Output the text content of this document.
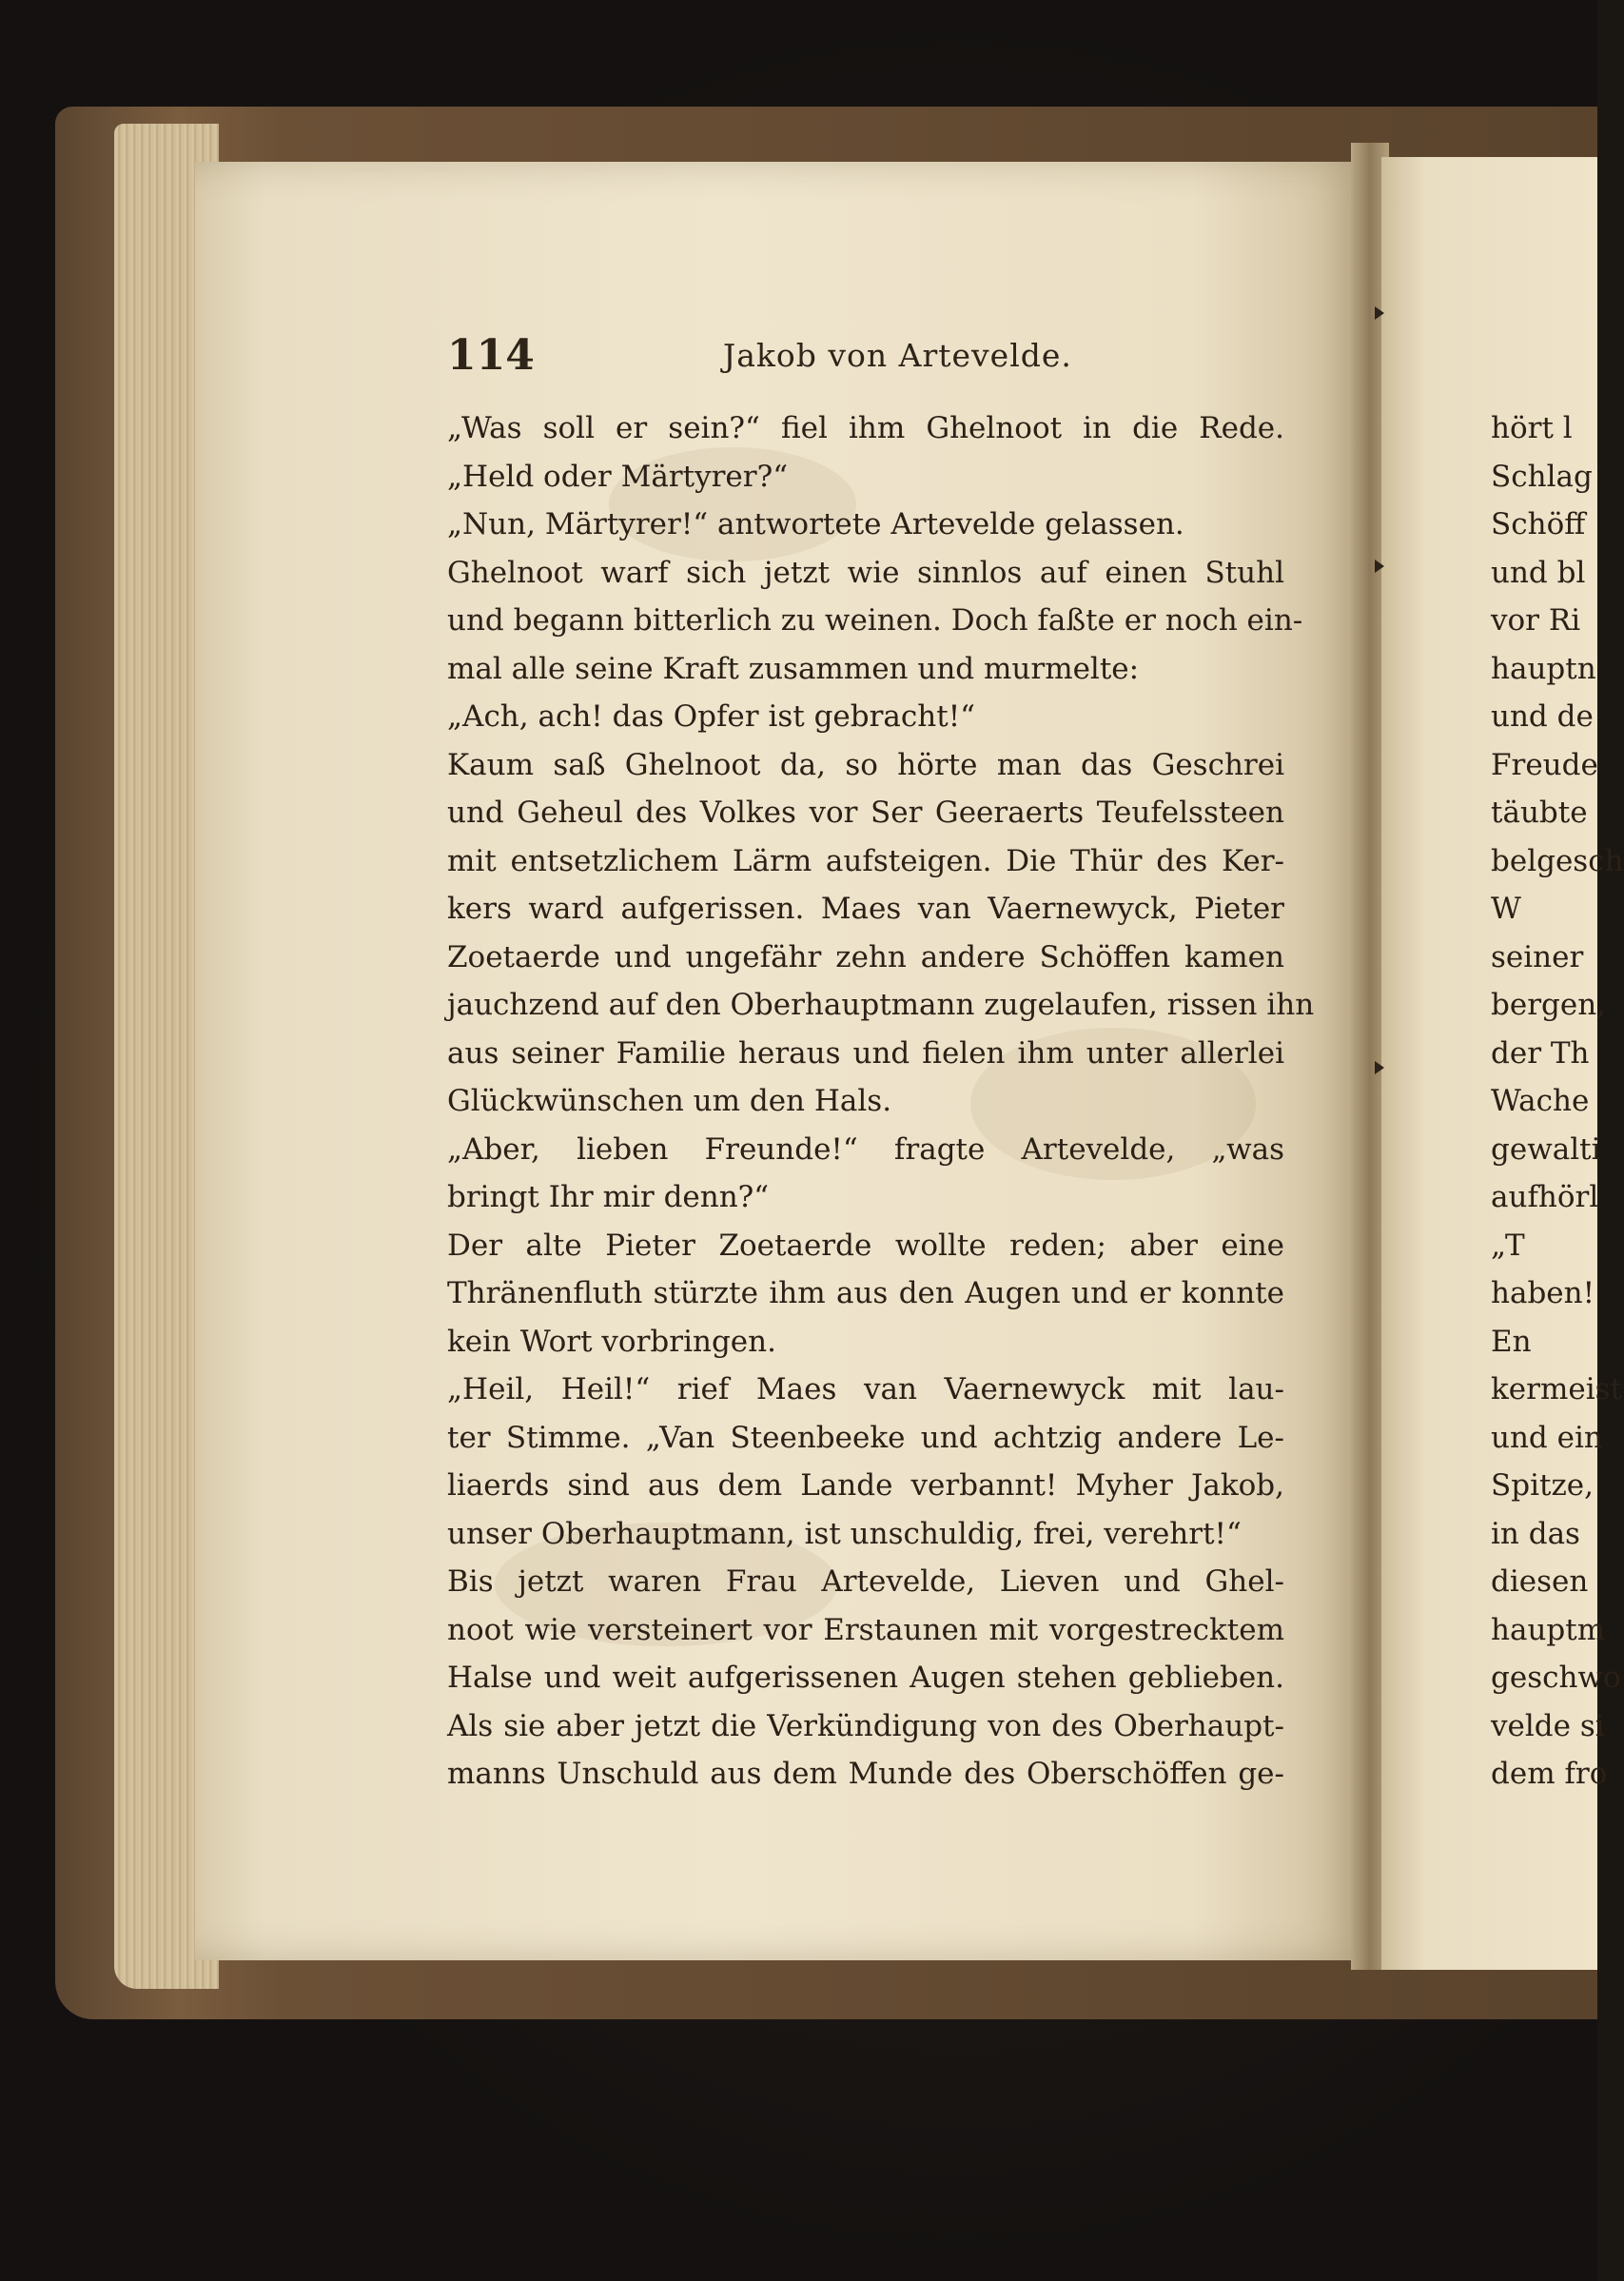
114	Jakob von Artevelde.
„Was soll er sein?“ fiel ihm Ghelnoot in die Rede.
„Held oder Märtyrer?“
„Nun, Märtyrer!“ antwortete Artevelde gelassen.
Ghelnoot warf sich jetzt wie sinnlos auf einen Stuhl
und begann bitterlich zu weinen. Doch faßte er noch ein-
mal alle seine Kraft zusammen und murmelte:
„Ach, ach! das Opfer ist gebracht!“
Kaum saß Ghelnoot da, so hörte man das Geschrei
und Geheul des Volkes vor Ser Geeraerts Teufelssteen
mit entsetzlichem Lärm aufsteigen. Die Thür des Ker-
kers ward aufgerissen. Maes van Vaernewyck, Pieter
Zoetaerde und ungefähr zehn andere Schöffen kamen
jauchzend auf den Oberhauptmann zugelaufen, rissen ihn
aus seiner Familie heraus und fielen ihm unter allerlei
Glückwünschen um den Hals.
„Aber, lieben Freunde!“ fragte Artevelde, „was
bringt Ihr mir denn?“
Der alte Pieter Zoetaerde wollte reden; aber eine
Thränenfluth stürzte ihm aus den Augen und er konnte
kein Wort vorbringen.
„Heil, Heil!“ rief Maes van Vaernewyck mit lau-
ter Stimme. „Van Steenbeeke und achtzig andere Le-
liaerds sind aus dem Lande verbannt! Myher Jakob,
unser Oberhauptmann, ist unschuldig, frei, verehrt!“
Bis jetzt waren Frau Artevelde, Lieven und Ghel-
noot wie versteinert vor Erstaunen mit vorgestrecktem
Halse und weit aufgerissenen Augen stehen geblieben.
Als sie aber jetzt die Verkündigung von des Oberhaupt-
manns Unschuld aus dem Munde des Oberschöffen ge-
hört l
Schlag
Schöff
und bl
vor Ri
hauptn
und de
Freude
täubte
belgesch
W
seiner
bergen,
der Th
Wache
gewalti
aufhörl
„T
haben!
En
kermeist
und ein
Spitze,
in das
diesen
hauptm
geschwo
velde si
dem fro
